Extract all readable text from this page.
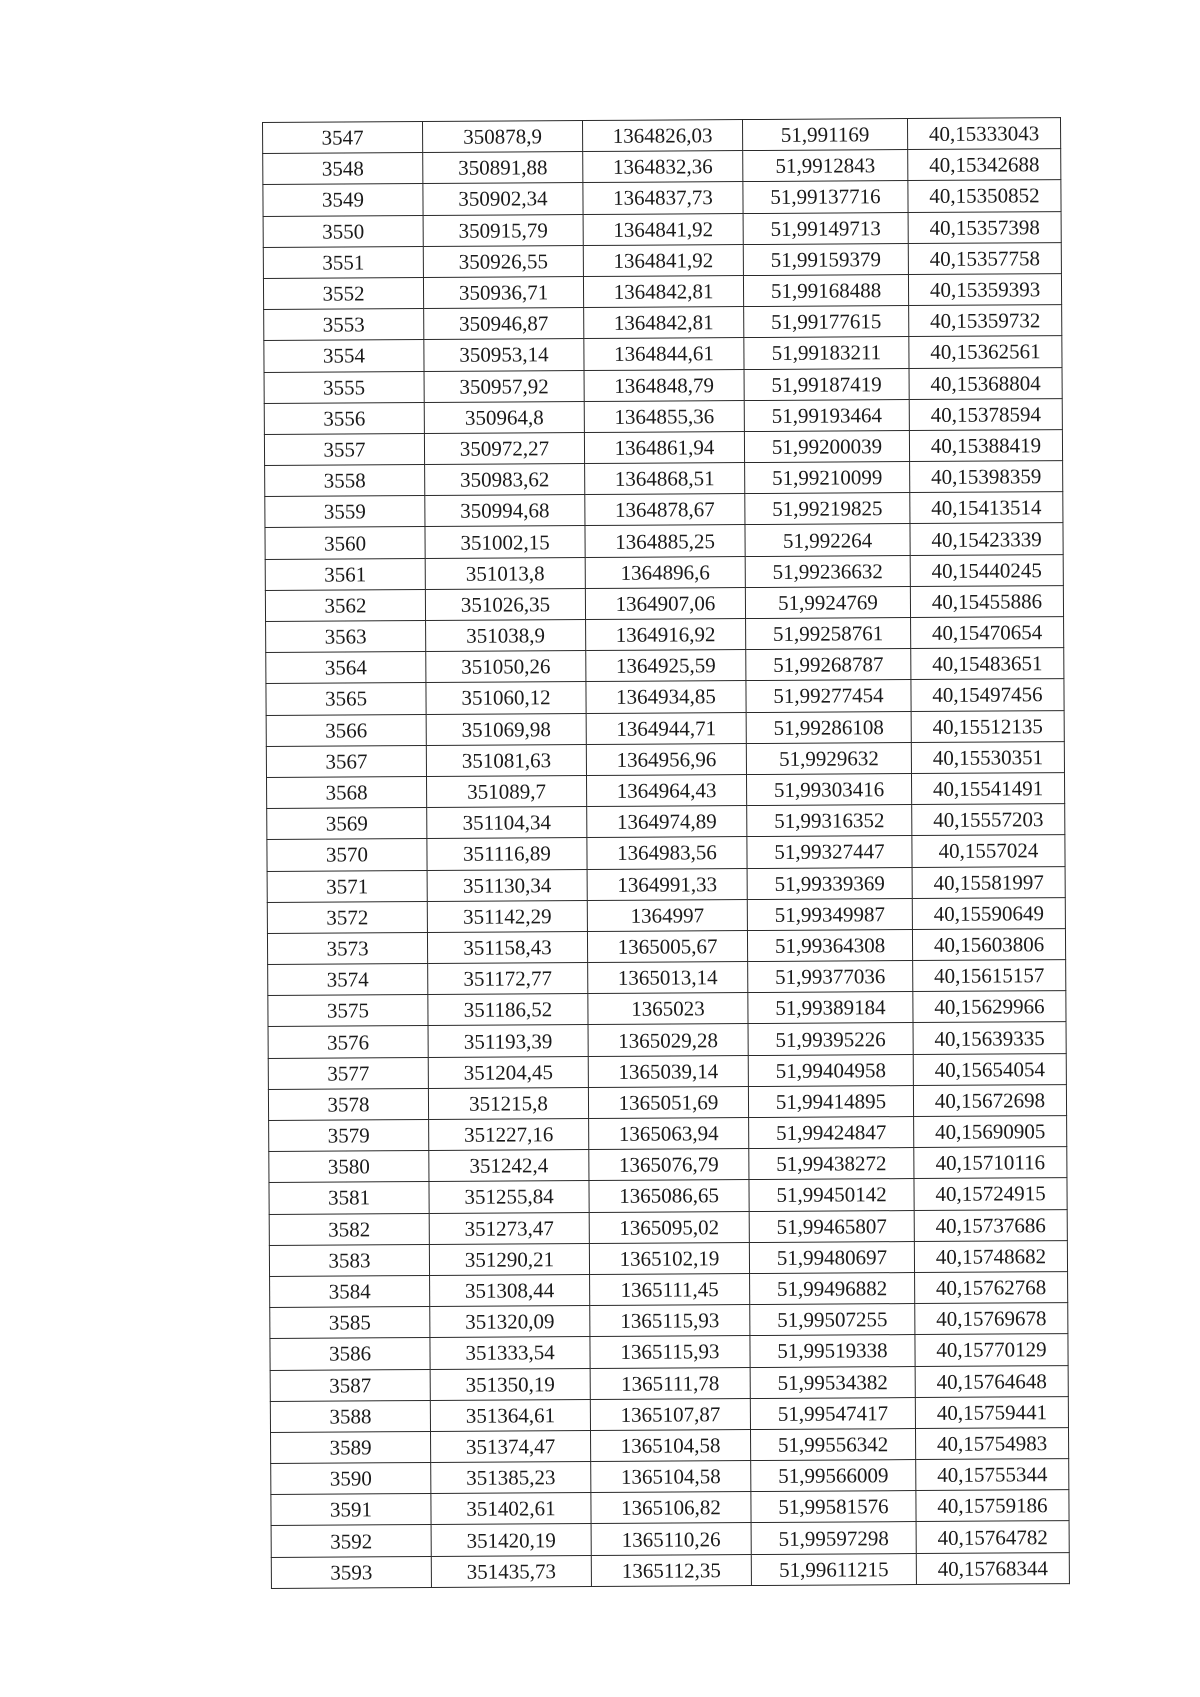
3547	350878,9	1364826,03	51,991169	40,15333043
3548	350891,88	1364832,36	51,9912843	40,15342688
3549	350902,34	1364837,73	51,99137716	40,15350852
3550	350915,79	1364841,92	51,99149713	40,15357398
3551	350926,55	1364841,92	51,99159379	40,15357758
3552	350936,71	1364842,81	51,99168488	40,15359393
3553	350946,87	1364842,81	51,99177615	40,15359732
3554	350953,14	1364844,61	51,99183211	40,15362561
3555	350957,92	1364848,79	51,99187419	40,15368804
3556	350964,8	1364855,36	51,99193464	40,15378594
3557	350972,27	1364861,94	51,99200039	40,15388419
3558	350983,62	1364868,51	51,99210099	40,15398359
3559	350994,68	1364878,67	51,99219825	40,15413514
3560	351002,15	1364885,25	51,992264	40,15423339
3561	351013,8	1364896,6	51,99236632	40,15440245
3562	351026,35	1364907,06	51,9924769	40,15455886
3563	351038,9	1364916,92	51,99258761	40,15470654
3564	351050,26	1364925,59	51,99268787	40,15483651
3565	351060,12	1364934,85	51,99277454	40,15497456
3566	351069,98	1364944,71	51,99286108	40,15512135
3567	351081,63	1364956,96	51,9929632	40,15530351
3568	351089,7	1364964,43	51,99303416	40,15541491
3569	351104,34	1364974,89	51,99316352	40,15557203
3570	351116,89	1364983,56	51,99327447	40,1557024
3571	351130,34	1364991,33	51,99339369	40,15581997
3572	351142,29	1364997	51,99349987	40,15590649
3573	351158,43	1365005,67	51,99364308	40,15603806
3574	351172,77	1365013,14	51,99377036	40,15615157
3575	351186,52	1365023	51,99389184	40,15629966
3576	351193,39	1365029,28	51,99395226	40,15639335
3577	351204,45	1365039,14	51,99404958	40,15654054
3578	351215,8	1365051,69	51,99414895	40,15672698
3579	351227,16	1365063,94	51,99424847	40,15690905
3580	351242,4	1365076,79	51,99438272	40,15710116
3581	351255,84	1365086,65	51,99450142	40,15724915
3582	351273,47	1365095,02	51,99465807	40,15737686
3583	351290,21	1365102,19	51,99480697	40,15748682
3584	351308,44	1365111,45	51,99496882	40,15762768
3585	351320,09	1365115,93	51,99507255	40,15769678
3586	351333,54	1365115,93	51,99519338	40,15770129
3587	351350,19	1365111,78	51,99534382	40,15764648
3588	351364,61	1365107,87	51,99547417	40,15759441
3589	351374,47	1365104,58	51,99556342	40,15754983
3590	351385,23	1365104,58	51,99566009	40,15755344
3591	351402,61	1365106,82	51,99581576	40,15759186
3592	351420,19	1365110,26	51,99597298	40,15764782
3593	351435,73	1365112,35	51,99611215	40,15768344
